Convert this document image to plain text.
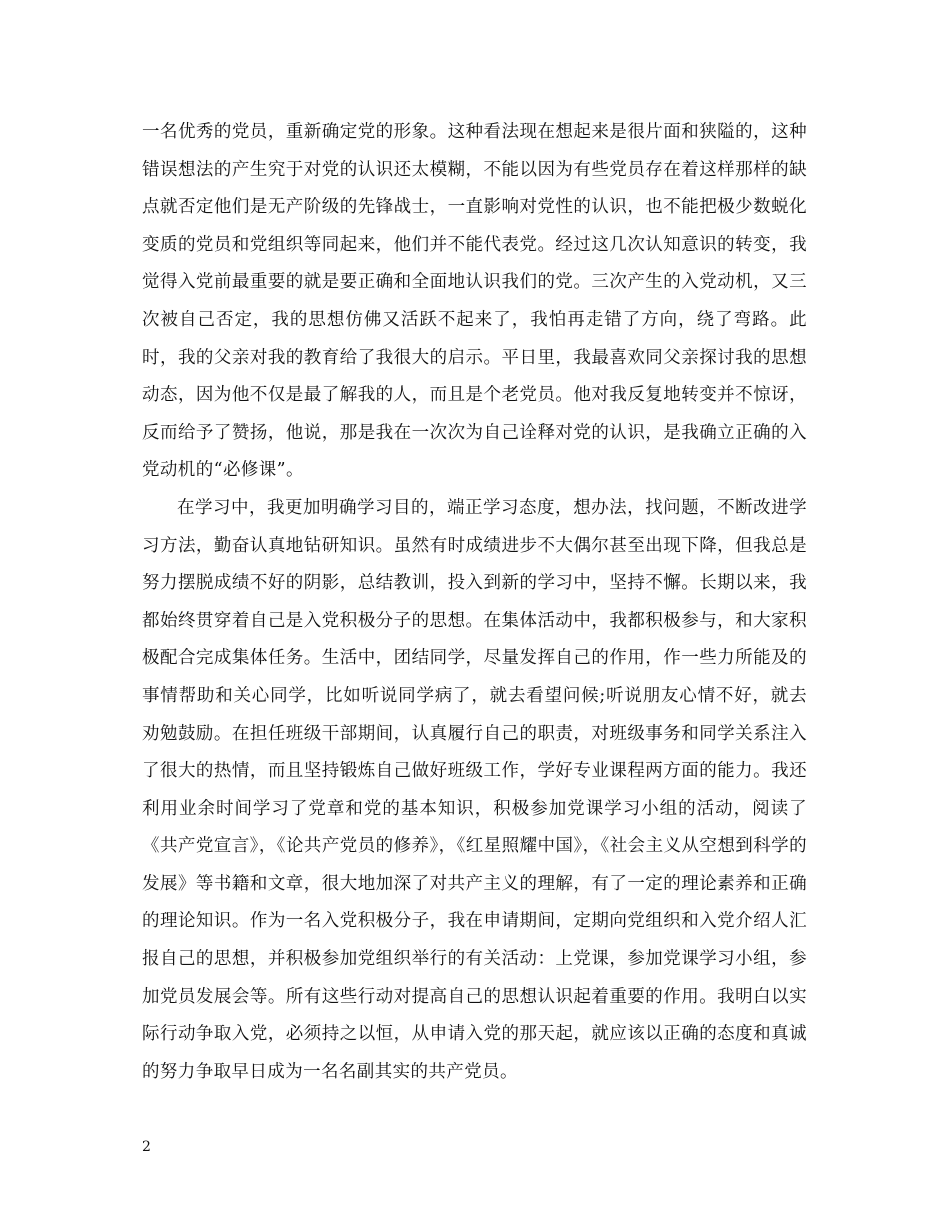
一名优秀的党员，重新确定党的形象。这种看法现在想起来是很片面和狭隘的，这种错误想法的产生究于对党的认识还太模糊，不能以因为有些党员存在着这样那样的缺点就否定他们是无产阶级的先锋战士，一直影响对党性的认识，也不能把极少数蜕化变质的党员和党组织等同起来，他们并不能代表党。经过这几次认知意识的转变，我觉得入党前最重要的就是要正确和全面地认识我们的党。三次产生的入党动机，又三次被自己否定，我的思想仿佛又活跃不起来了，我怕再走错了方向，绕了弯路。此时，我的父亲对我的教育给了我很大的启示。平日里，我最喜欢同父亲探讨我的思想动态，因为他不仅是最了解我的人，而且是个老党员。他对我反复地转变并不惊讶，反而给予了赞扬，他说，那是我在一次次为自己诠释对党的认识，是我确立正确的入党动机的“必修课”。

在学习中，我更加明确学习目的，端正学习态度，想办法，找问题，不断改进学习方法，勤奋认真地钻研知识。虽然有时成绩进步不大偶尔甚至出现下降，但我总是努力摆脱成绩不好的阴影，总结教训，投入到新的学习中，坚持不懈。长期以来，我都始终贯穿着自己是入党积极分子的思想。在集体活动中，我都积极参与，和大家积极配合完成集体任务。生活中，团结同学，尽量发挥自己的作用，作一些力所能及的事情帮助和关心同学，比如听说同学病了，就去看望问候;听说朋友心情不好，就去劝勉鼓励。在担任班级干部期间，认真履行自己的职责，对班级事务和同学关系注入了很大的热情，而且坚持锻炼自己做好班级工作，学好专业课程两方面的能力。我还利用业余时间学习了党章和党的基本知识，积极参加党课学习小组的活动，阅读了《共产党宣言》，《论共产党员的修养》，《红星照耀中国》，《社会主义从空想到科学的发展》等书籍和文章，很大地加深了对共产主义的理解，有了一定的理论素养和正确的理论知识。作为一名入党积极分子，我在申请期间，定期向党组织和入党介绍人汇报自己的思想，并积极参加党组织举行的有关活动：上党课，参加党课学习小组，参加党员发展会等。所有这些行动对提高自己的思想认识起着重要的作用。我明白以实际行动争取入党，必须持之以恒，从申请入党的那天起，就应该以正确的态度和真诚的努力争取早日成为一名名副其实的共产党员。

2
